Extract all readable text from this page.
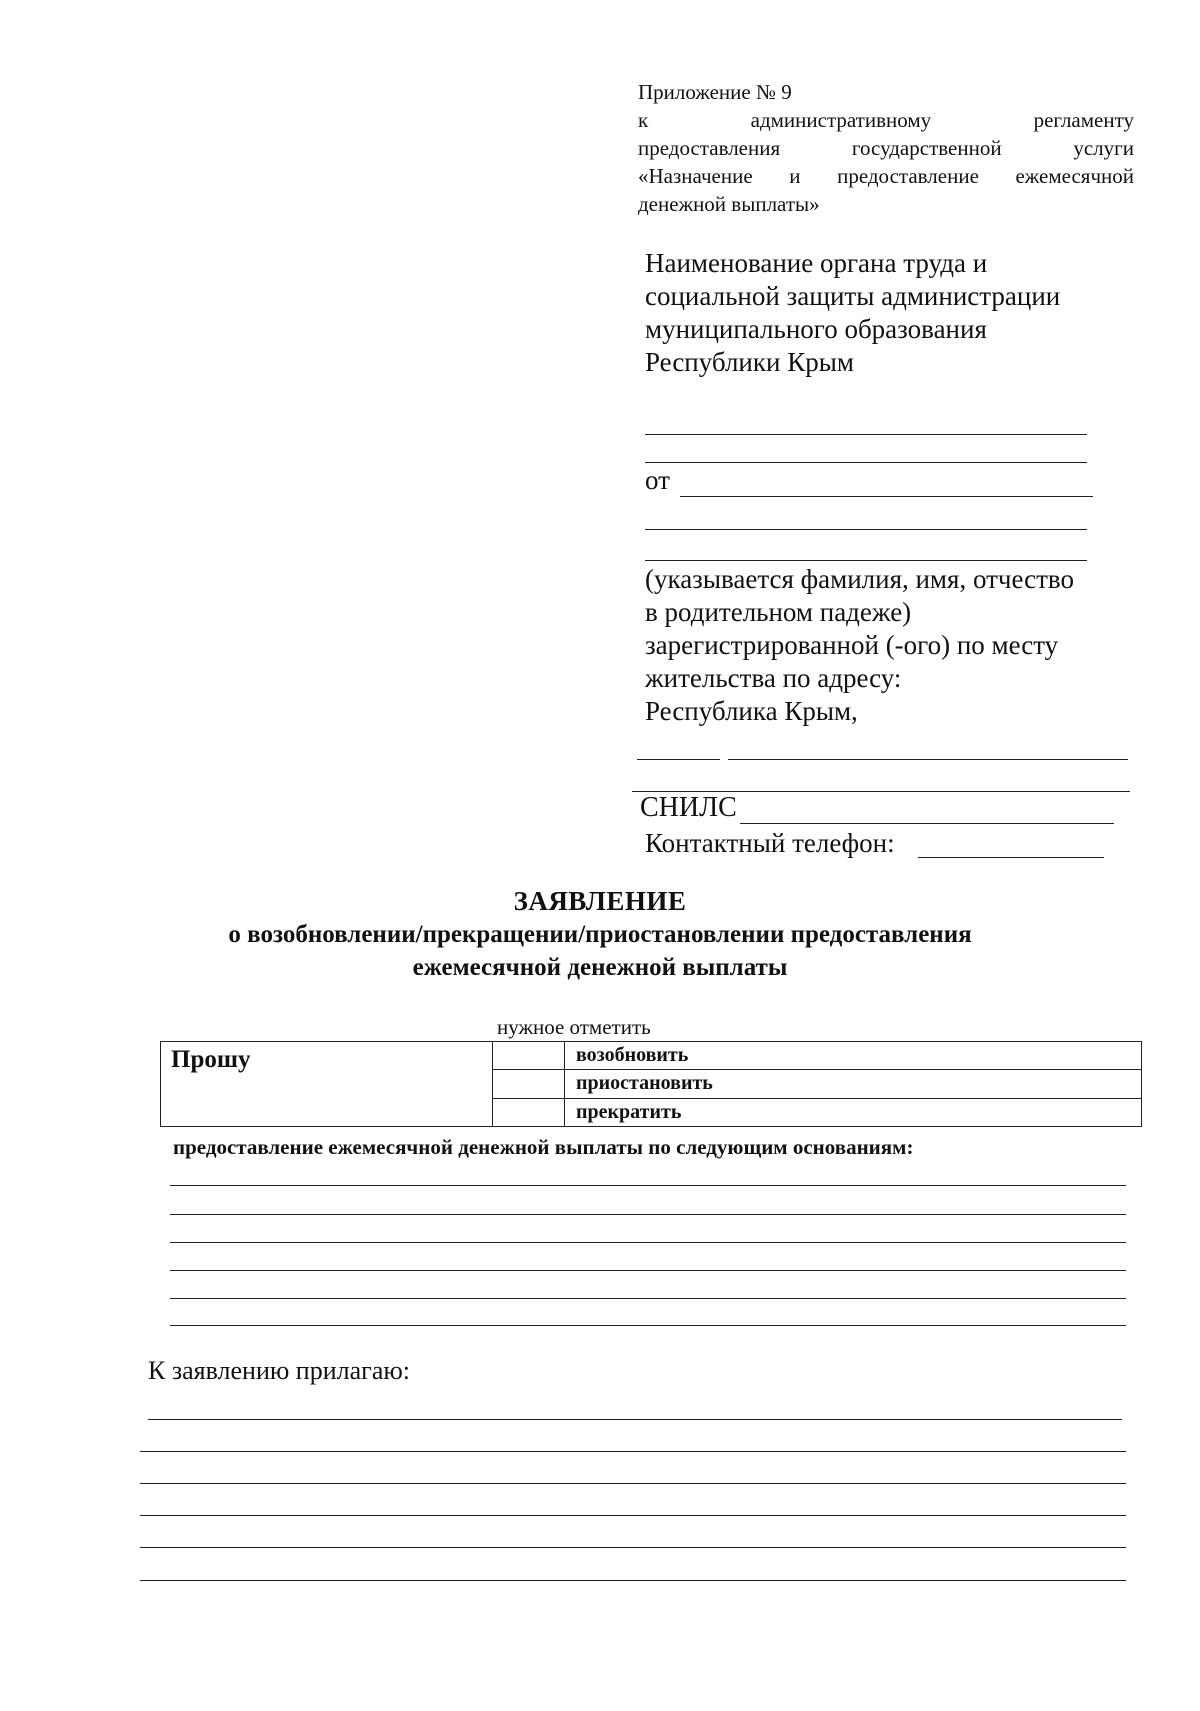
Приложение № 9
к административному регламенту
предоставления государственной услуги
«Назначение и предоставление ежемесячной
денежной выплаты»
Наименование органа труда и
социальной защиты администрации
муниципального образования
Республики Крым
от
(указывается фамилия, имя, отчество
в родительном падеже)
зарегистрированной (-ого) по месту
жительства по адресу:
Республика Крым,
СНИЛС
Контактный телефон:
ЗАЯВЛЕНИЕ
о возобновлении/прекращении/приостановлении предоставления
ежемесячной денежной выплаты
нужное отметить
Прошу	возобновить
приостановить
прекратить
предоставление ежемесячной денежной выплаты по следующим основаниям:
К заявлению прилагаю:
